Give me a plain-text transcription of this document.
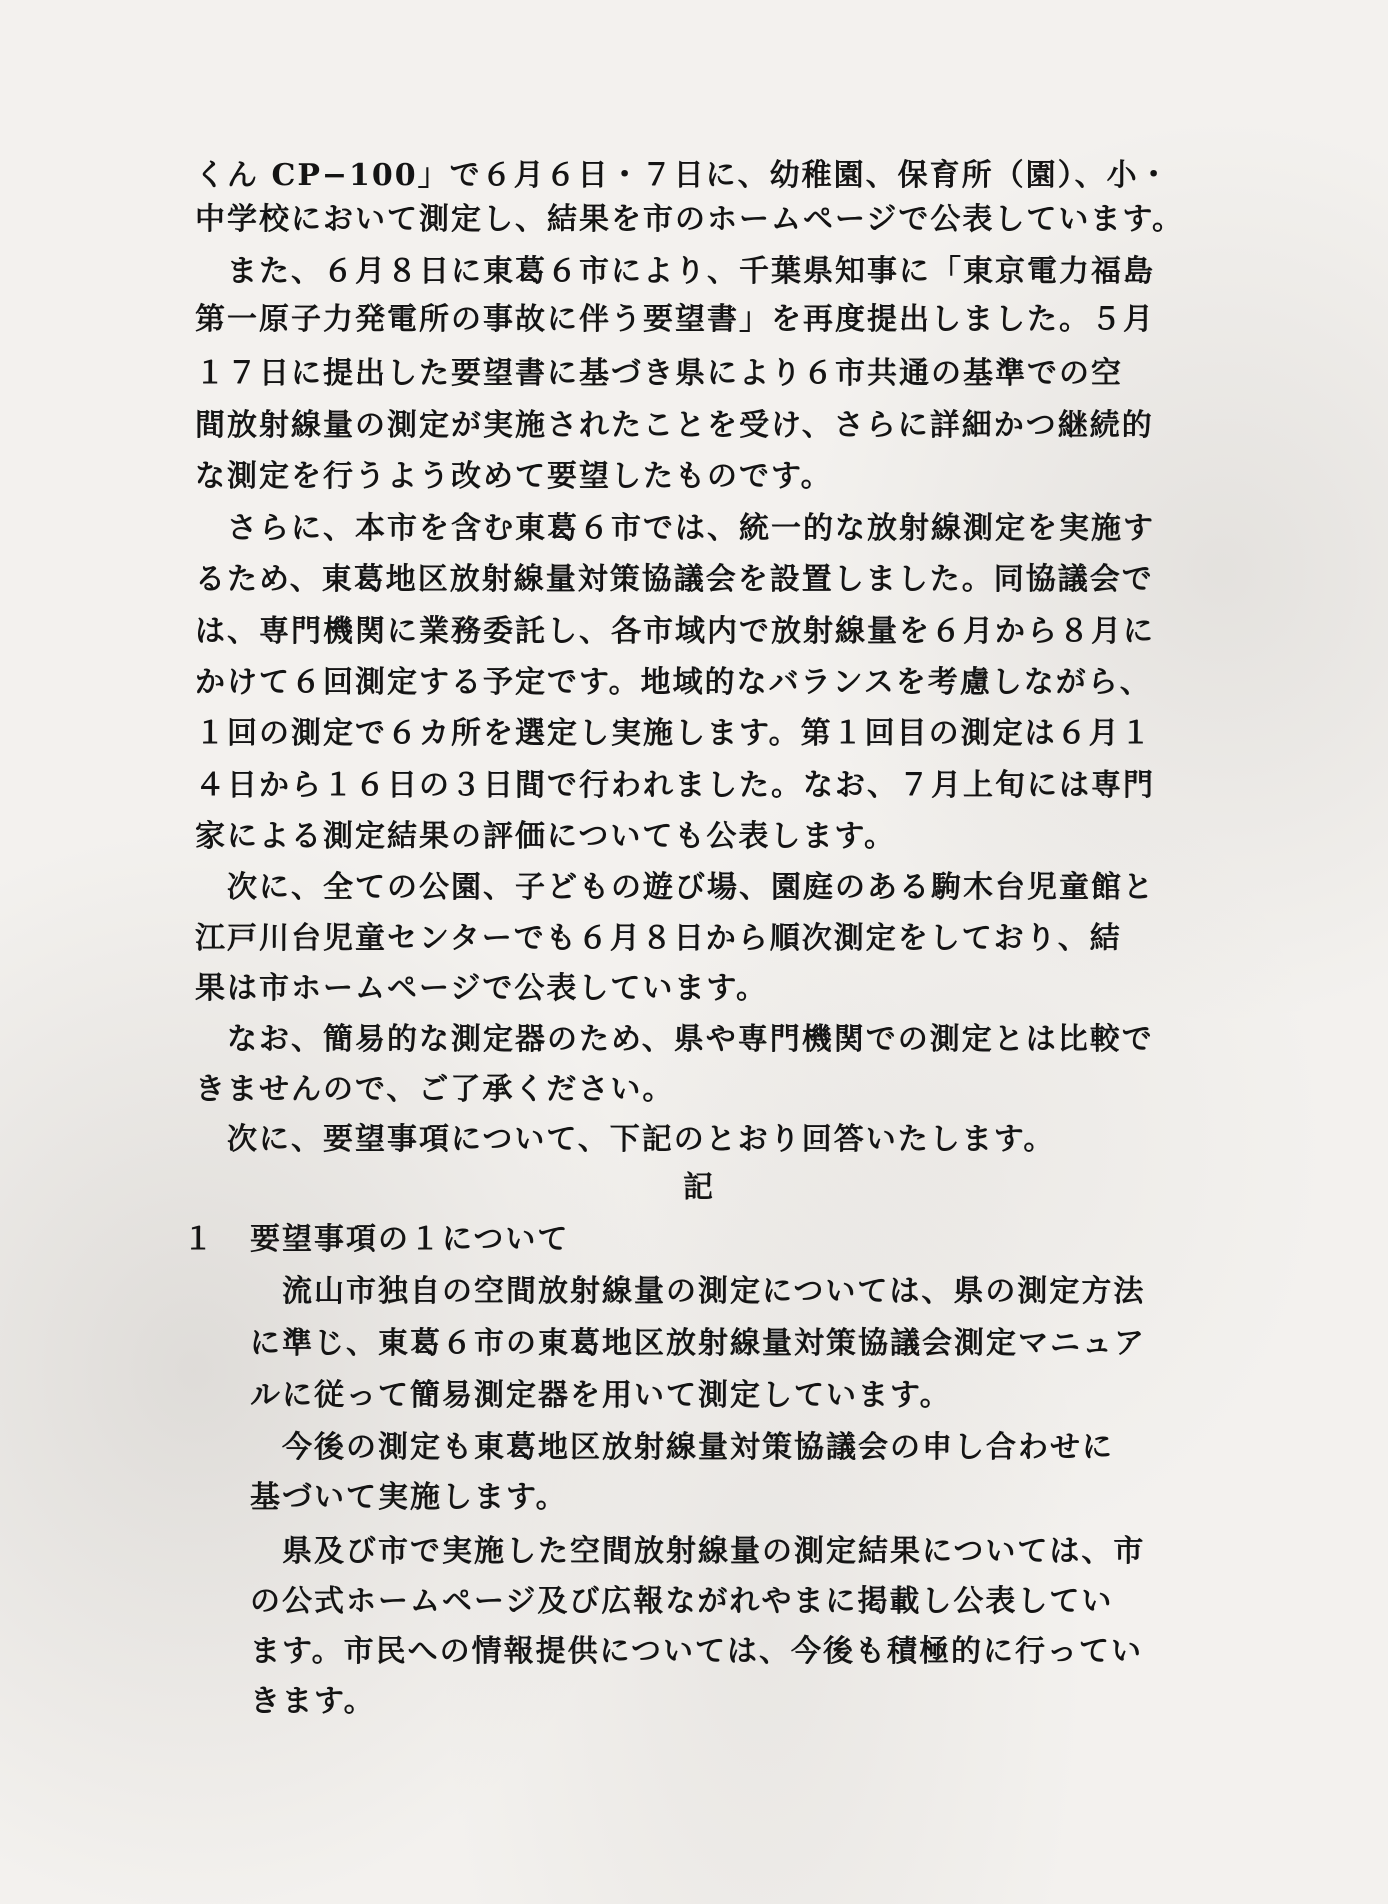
くん CP−100」で６月６日・７日に、幼稚園、保育所（園）、小・
中学校において測定し、結果を市のホームページで公表しています。
　また、６月８日に東葛６市により、千葉県知事に「東京電力福島
第一原子力発電所の事故に伴う要望書」を再度提出しました。５月
１７日に提出した要望書に基づき県により６市共通の基準での空
間放射線量の測定が実施されたことを受け、さらに詳細かつ継続的
な測定を行うよう改めて要望したものです。
　さらに、本市を含む東葛６市では、統一的な放射線測定を実施す
るため、東葛地区放射線量対策協議会を設置しました。同協議会で
は、専門機関に業務委託し、各市域内で放射線量を６月から８月に
かけて６回測定する予定です。地域的なバランスを考慮しながら、
１回の測定で６カ所を選定し実施します。第１回目の測定は６月１
４日から１６日の３日間で行われました。なお、７月上旬には専門
家による測定結果の評価についても公表します。
　次に、全ての公園、子どもの遊び場、園庭のある駒木台児童館と
江戸川台児童センターでも６月８日から順次測定をしており、結
果は市ホームページで公表しています。
　なお、簡易的な測定器のため、県や専門機関での測定とは比較で
きませんので、ご了承ください。
　次に、要望事項について、下記のとおり回答いたします。
記
１ 要望事項の１について
　流山市独自の空間放射線量の測定については、県の測定方法
に準じ、東葛６市の東葛地区放射線量対策協議会測定マニュア
ルに従って簡易測定器を用いて測定しています。
　今後の測定も東葛地区放射線量対策協議会の申し合わせに
基づいて実施します。
　県及び市で実施した空間放射線量の測定結果については、市
の公式ホームページ及び広報ながれやまに掲載し公表してい
ます。市民への情報提供については、今後も積極的に行ってい
きます。
